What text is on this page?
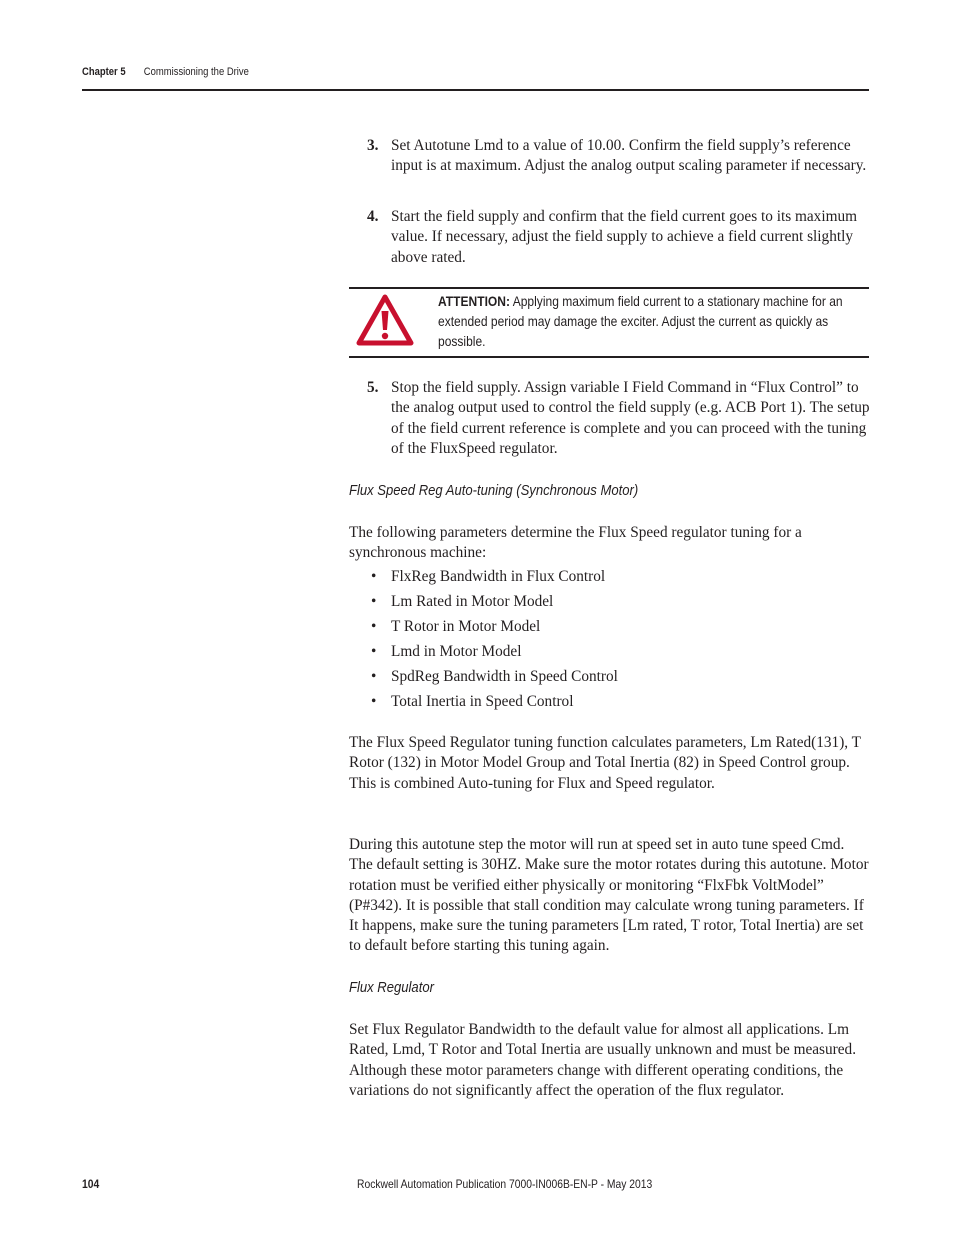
Chapter 5 Commissioning the Drive
3. Set Autotune Lmd to a value of 10.00. Confirm the field supply’s reference input is at maximum. Adjust the analog output scaling parameter if necessary.
4. Start the field supply and confirm that the field current goes to its maximum value. If necessary, adjust the field supply to achieve a field current slightly above rated.
ATTENTION: Applying maximum field current to a stationary machine for an extended period may damage the exciter. Adjust the current as quickly as possible.
5. Stop the field supply. Assign variable I Field Command in “Flux Control” to the analog output used to control the field supply (e.g. ACB Port 1). The setup of the field current reference is complete and you can proceed with the tuning of the FluxSpeed regulator.
Flux Speed Reg Auto-tuning (Synchronous Motor)
The following parameters determine the Flux Speed regulator tuning for a synchronous machine:
• FlxReg Bandwidth in Flux Control
• Lm Rated in Motor Model
• T Rotor in Motor Model
• Lmd in Motor Model
• SpdReg Bandwidth in Speed Control
• Total Inertia in Speed Control
The Flux Speed Regulator tuning function calculates parameters, Lm Rated(131), T Rotor (132) in Motor Model Group and Total Inertia (82) in Speed Control group. This is combined Auto-tuning for Flux and Speed regulator.
During this autotune step the motor will run at speed set in auto tune speed Cmd. The default setting is 30HZ. Make sure the motor rotates during this autotune. Motor rotation must be verified either physically or monitoring “FlxFbk VoltModel” (P#342). It is possible that stall condition may calculate wrong tuning parameters. If It happens, make sure the tuning parameters [Lm rated, T rotor, Total Inertia) are set to default before starting this tuning again.
Flux Regulator
Set Flux Regulator Bandwidth to the default value for almost all applications. Lm Rated, Lmd, T Rotor and Total Inertia are usually unknown and must be measured. Although these motor parameters change with different operating conditions, the variations do not significantly affect the operation of the flux regulator.
104	Rockwell Automation Publication 7000-IN006B-EN-P - May 2013
